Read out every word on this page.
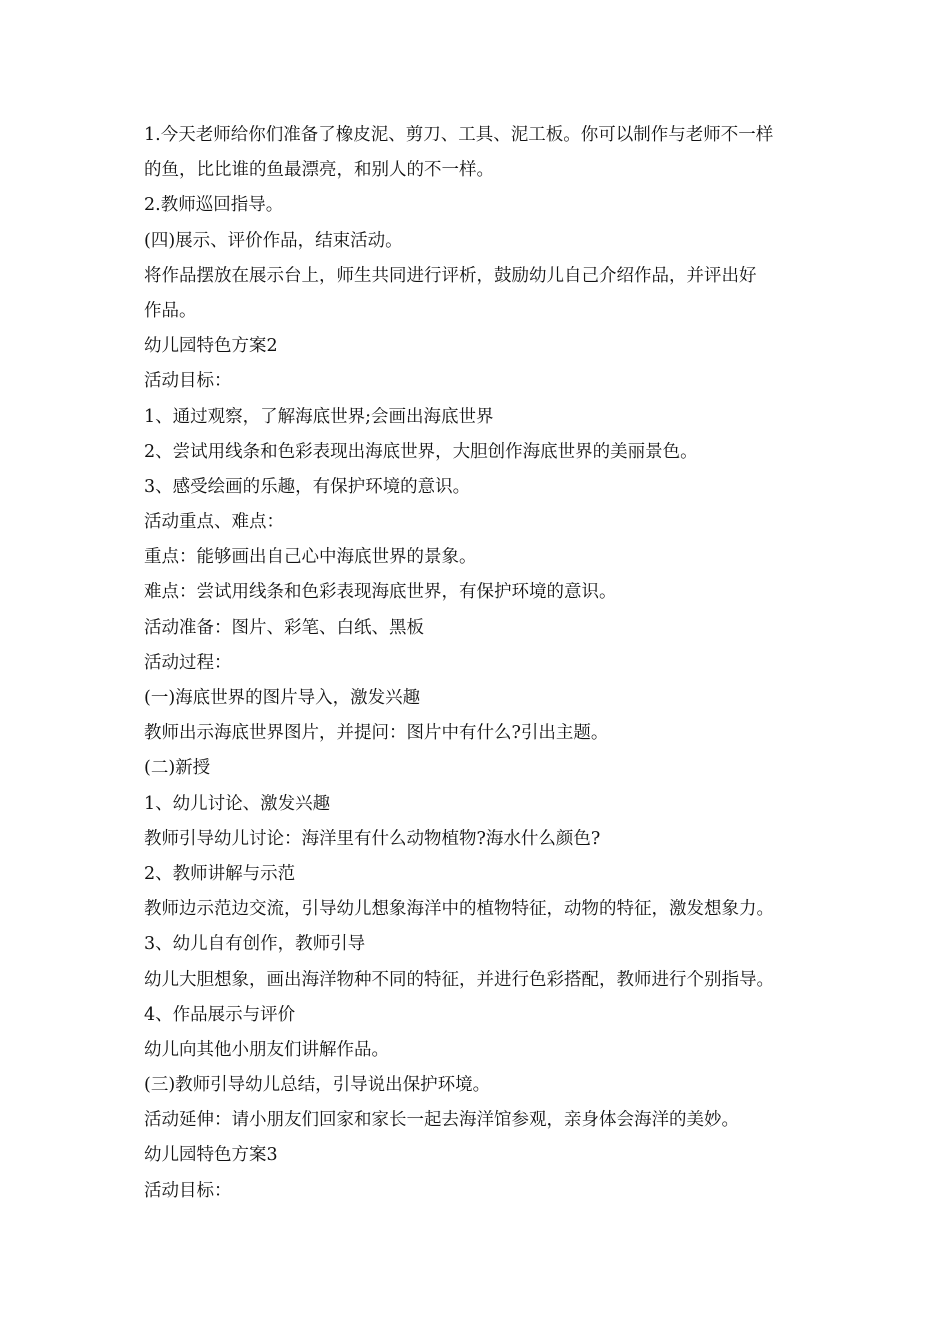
1.今天老师给你们准备了橡皮泥、剪刀、工具、泥工板。你可以制作与老师不一样
的鱼，比比谁的鱼最漂亮，和别人的不一样。
2.教师巡回指导。
(四)展示、评价作品，结束活动。
将作品摆放在展示台上，师生共同进行评析，鼓励幼儿自己介绍作品，并评出好
作品。
幼儿园特色方案2
活动目标：
1、通过观察，了解海底世界;会画出海底世界
2、尝试用线条和色彩表现出海底世界，大胆创作海底世界的美丽景色。
3、感受绘画的乐趣，有保护环境的意识。
活动重点、难点：
重点：能够画出自己心中海底世界的景象。
难点：尝试用线条和色彩表现海底世界，有保护环境的意识。
活动准备：图片、彩笔、白纸、黑板
活动过程：
(一)海底世界的图片导入，激发兴趣
教师出示海底世界图片，并提问：图片中有什么?引出主题。
(二)新授
1、幼儿讨论、激发兴趣
教师引导幼儿讨论：海洋里有什么动物植物?海水什么颜色?
2、教师讲解与示范
教师边示范边交流，引导幼儿想象海洋中的植物特征，动物的特征，激发想象力。
3、幼儿自有创作，教师引导
幼儿大胆想象，画出海洋物种不同的特征，并进行色彩搭配，教师进行个别指导。
4、作品展示与评价
幼儿向其他小朋友们讲解作品。
(三)教师引导幼儿总结，引导说出保护环境。
活动延伸：请小朋友们回家和家长一起去海洋馆参观，亲身体会海洋的美妙。
幼儿园特色方案3
活动目标：
